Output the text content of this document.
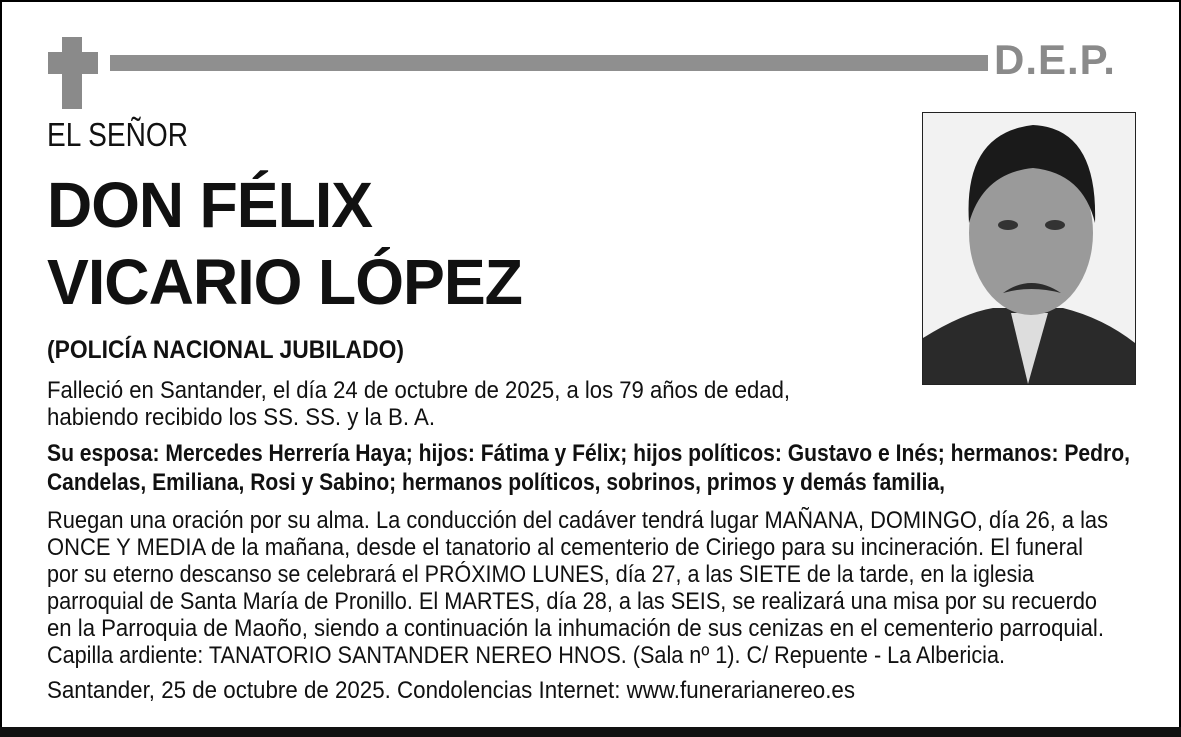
D.E.P.
EL SEÑOR
DON FÉLIX
VICARIO LÓPEZ
(POLICÍA NACIONAL JUBILADO)
Falleció en Santander, el día 24 de octubre de 2025, a los 79 años de edad,
habiendo recibido los SS. SS. y la B. A.
Su esposa: Mercedes Herrería Haya; hijos: Fátima y Félix; hijos políticos: Gustavo e Inés; hermanos: Pedro,
Candelas, Emiliana, Rosi y Sabino; hermanos políticos, sobrinos, primos y demás familia,
Ruegan una oración por su alma. La conducción del cadáver tendrá lugar MAÑANA, DOMINGO, día 26, a las
ONCE Y MEDIA de la mañana, desde el tanatorio al cementerio de Ciriego para su incineración. El funeral
por su eterno descanso se celebrará el PRÓXIMO LUNES, día 27, a las SIETE de la tarde, en la iglesia
parroquial de Santa María de Pronillo. El MARTES, día 28, a las SEIS, se realizará una misa por su recuerdo
en la Parroquia de Maoño, siendo a continuación la inhumación de sus cenizas en el cementerio parroquial.
Capilla ardiente: TANATORIO SANTANDER NEREO HNOS. (Sala nº 1). C/ Repuente - La Albericia.
Santander, 25 de octubre de 2025. Condolencias Internet: www.funerarianereo.es
